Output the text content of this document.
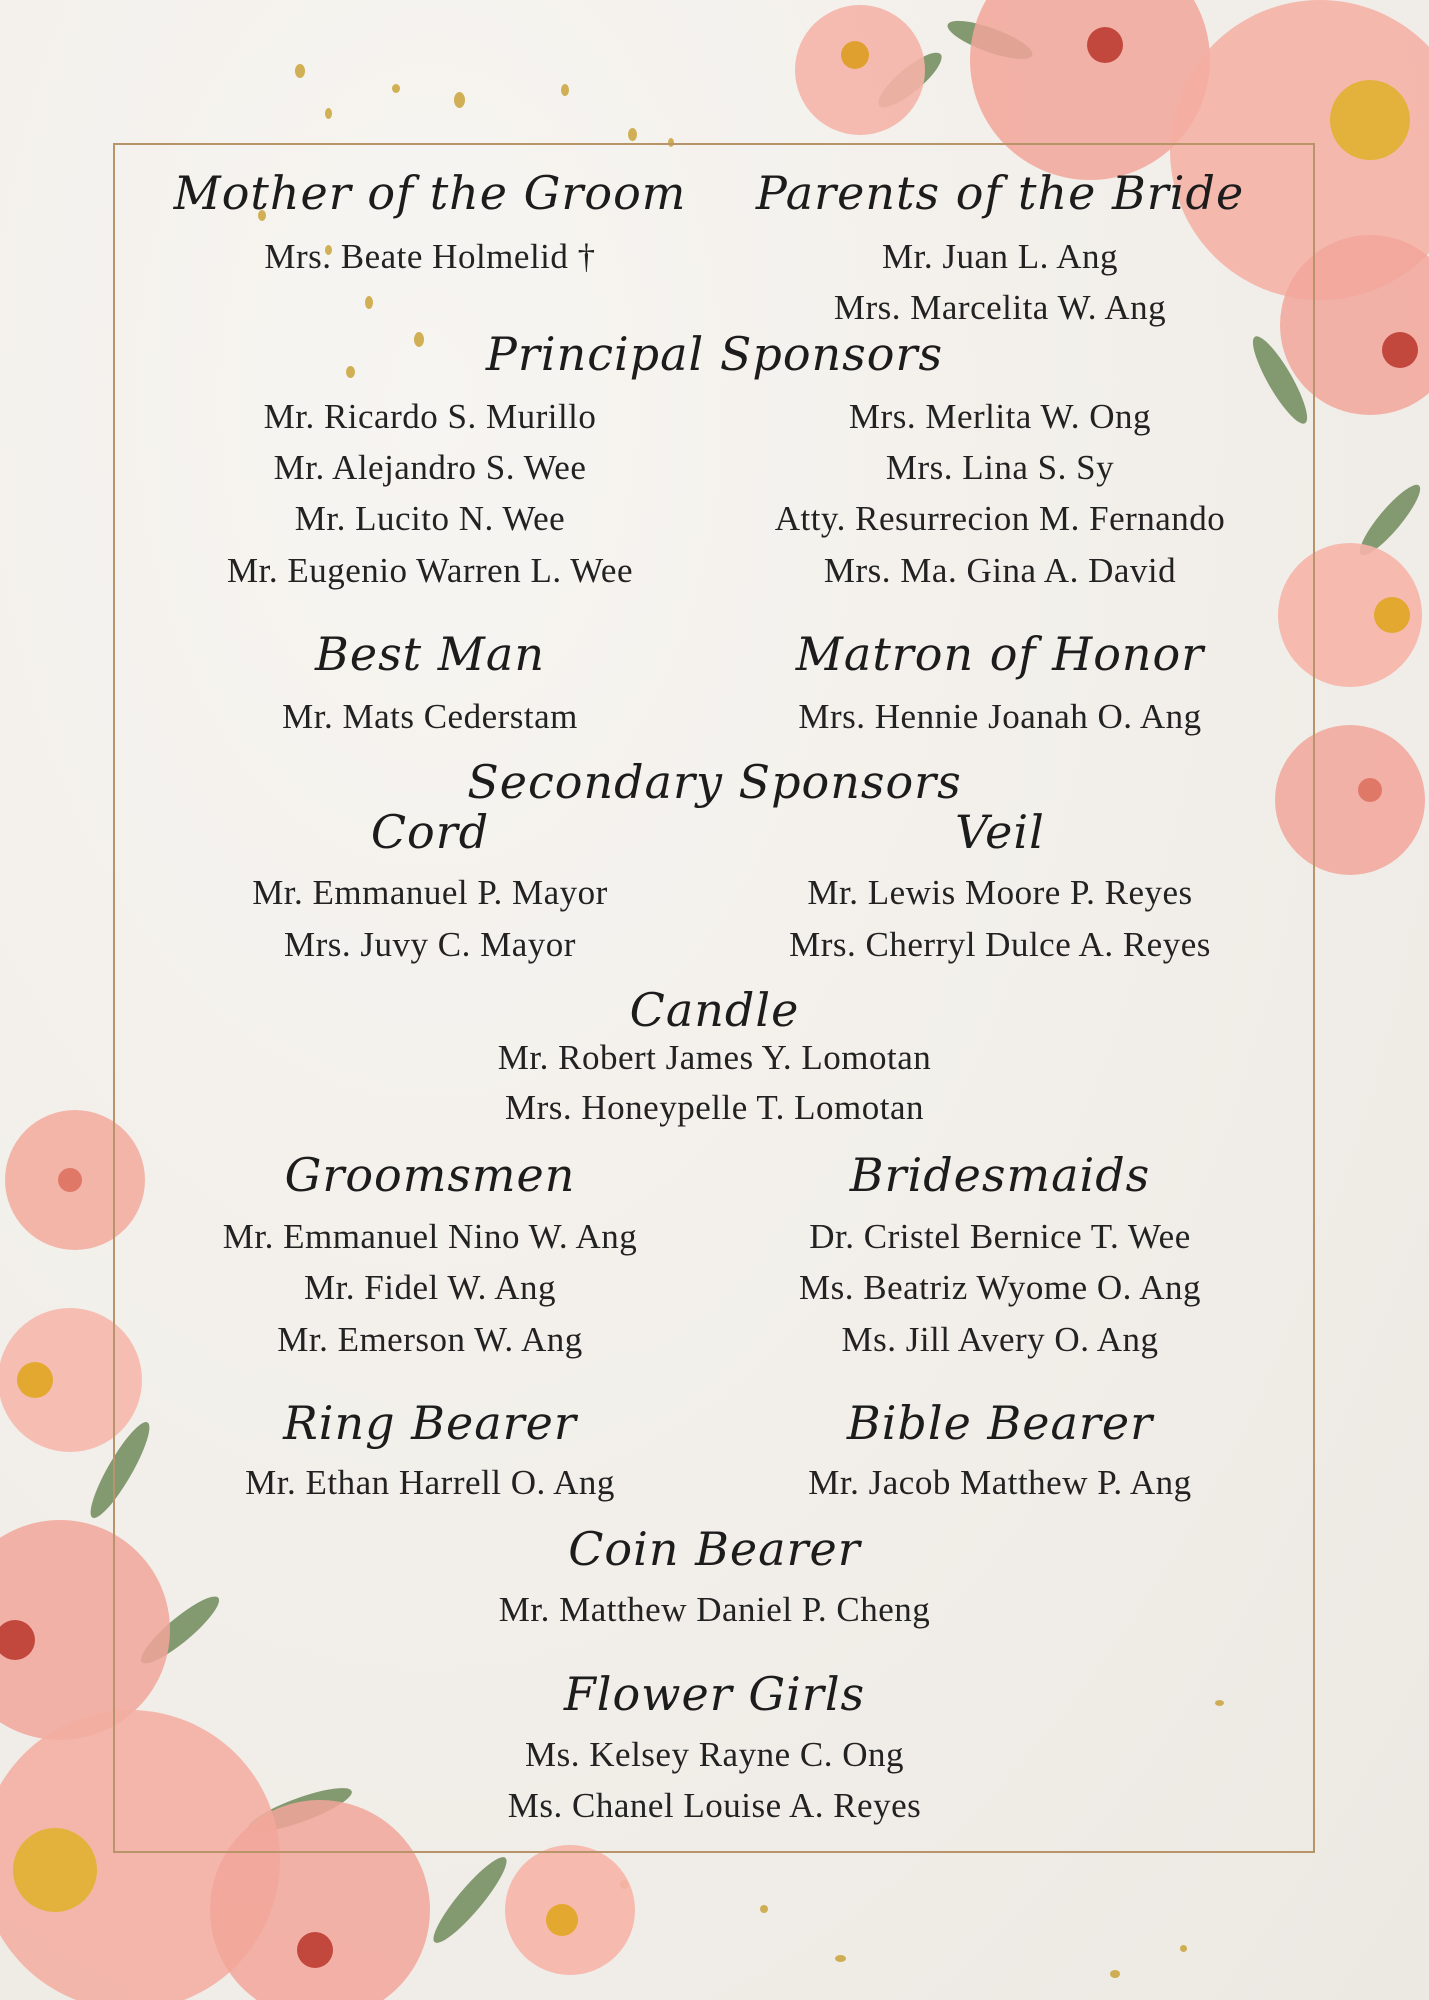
Mother of the Groom
Mrs. Beate Holmelid †
Parents of the Bride
Mr. Juan L. Ang
Mrs. Marcelita W. Ang
Principal Sponsors
Mr. Ricardo S. Murillo
Mr. Alejandro S. Wee
Mr. Lucito N. Wee
Mr. Eugenio Warren L. Wee
Mrs. Merlita W. Ong
Mrs. Lina S. Sy
Atty. Resurrecion M. Fernando
Mrs. Ma. Gina A. David
Best Man
Mr. Mats Cederstam
Matron of Honor
Mrs. Hennie Joanah O. Ang
Secondary Sponsors
Cord
Mr. Emmanuel P. Mayor
Mrs. Juvy C. Mayor
Veil
Mr. Lewis Moore P. Reyes
Mrs. Cherryl Dulce A. Reyes
Candle
Mr. Robert James Y. Lomotan
Mrs. Honeypelle T. Lomotan
Groomsmen
Mr. Emmanuel Nino W. Ang
Mr. Fidel W. Ang
Mr. Emerson W. Ang
Bridesmaids
Dr. Cristel Bernice T. Wee
Ms. Beatriz Wyome O. Ang
Ms. Jill Avery O. Ang
Ring Bearer
Mr. Ethan Harrell O. Ang
Bible Bearer
Mr. Jacob Matthew P. Ang
Coin Bearer
Mr. Matthew Daniel P. Cheng
Flower Girls
Ms. Kelsey Rayne C. Ong
Ms. Chanel Louise A. Reyes
